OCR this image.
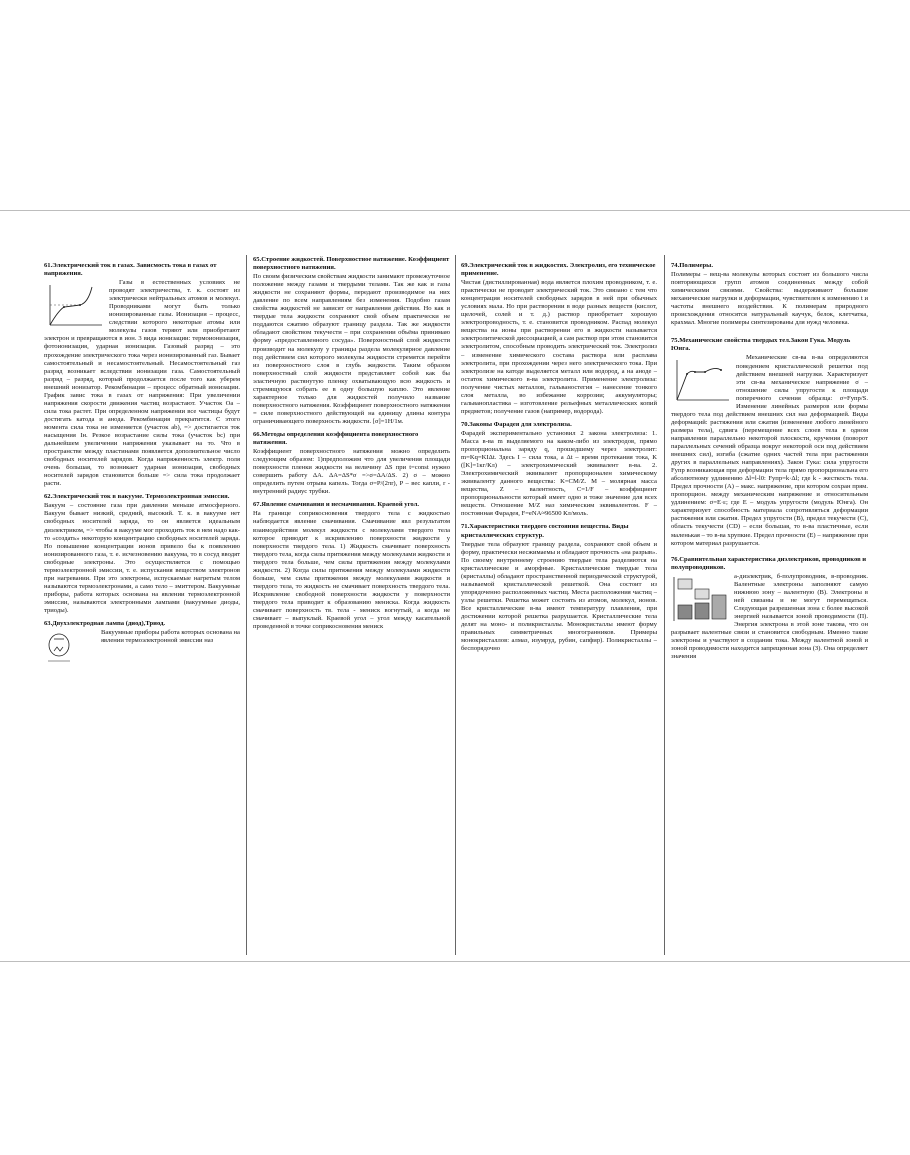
61.Электрический ток в газах. Зависмость тока в газах от напряжения.

Газы в естественных условиях не проводят электричества, т. к. состоят из электрически нейтральных атомов и молекул. Проводниками могут быть только ионизированные газы. Ионизация – процесс, следствии которого некоторые атомы или молекулы газов теряют или приобретают электрон и превращаются в ион. 3 вида ионизации: термоионизация, фотоионизация, ударная ионизация. Газовый разряд – это прохождение электрического тока через ионизированный газ. Бывает самостоятельный и несамостоятельный. Несамостоятельный газ разряд возникает вследствии ионизации газа. Самостоятельный разряд – разряд, который продолжается после того как уберем внешний ионизатор. Рекомбинация – процесс обратный ионизации. График завис тока в газах от напряжения: При увеличении напряжения скорости движения частиц возрастают. Участок Оа – сила тока растет. При определенном напряжении все частицы будут достигать катода и анода. Рекомбинация прекратится. С этого момента сила тока не изменяется (участок аb), => достигается ток насыщения Iн. Резкое возрастание силы тока (участок bс) при дальнейшем увеличении напряжения указывает на то. Что в пространстве между пластинами появляется дополнительное число свободных носителей зарядов. Когда напряженность электр. поля очень большая, то возникает ударная ионизация, свободных носителей зарядов становится больше => сила тока продолжает расти.

62.Электрический ток в вакууме. Термоэлектронная эмиссия.

Вакуум – состояние газа при давлении меньше атмосферного. Вакуум бывает низкий, средний, высокий. Т. к. в вакууме нет свободных носителей заряда, то он является идеальным диэлектриком, => чтобы в вакууме мог проходить ток в нем надо как-то «создать» некоторую концентрацию свободных носителей заряда. Но повышение концентрации ионов привело бы к появлению ионизированного газа, т. е. исчезновению вакуума, то в сосуд вводят свободные электроны. Это осуществляется с помощью термоэлектронной эмиссии, т. е. испускания веществом электронов при нагревании. При это электроны, испускаемые нагретым телом называются термоэлектронами, а само тело – эмиттером. Вакуумные приборы, работа которых основана на явлении термоэлектронной эмиссии, называются электронными лампами (вакуумные диоды, триоды).

63.Двухэлектродная лампа (диод),Триод.

Вакуумные приборы работа которых основана на явлении термоэлектронной эмиссии наз

65.Строение жидкостей. Поверхностное натяжение. Коэффициент поверхностного натяжения.

По своим физическим свойствам жидкости занимают промежуточное положение между газами и твердыми телами. Так же как и газы жидкости не сохраняют формы, передают производимое на них давление по всем направлениям без изменения. Подобно газам свойства жидкостей не зависят от направления действия. Но как и твердые тела жидкости сохраняют свой объем практически не поддаются сжатию образуют границу раздела. Так же жидкости обладают свойством текучести – при сохранении объёма принимаю форму «предоставленного сосуда». Поверхностный слой жидкости производит на молекулу у границы раздела молекулярное давление под действием сил которого молекулы жидкости стремятся перейти из поверхностного слоя в глубь жидкости. Таким образом поверхностный слой жидкости представляет собой как бы эластичную растянутую пленку охватывающую всю жидкость и стремящуюся собрать ее в одну большую каплю. Это явление характерное только для жидкостей получило название поверхностного натяжения. Коэффициент поверхностного натяжения = силе поверхностного действующей на единицу длины контура ограничивающего поверхность жидкости. [σ]=1Н/1м.

66.Методы определения коэффициента поверхностного натяжения.

Коэффициент поверхностного натяжения можно определить следующим образом: 1)предположим что для увеличения площади поверхности пленки жидкости на величину ΔS при t=const нужно совершить работу ΔA. ΔA=ΔS*σ =>σ=ΔA/ΔS. 2) σ – можно определить путем отрыва капель. Тогда σ=P/(2πr), P – вес капли, r - внутренний радиус трубки.

67.Явление смачивания и несмачивания. Краевой угол.

На границе соприкосновения твердого тела с жидкостью наблюдается явление смачивания. Смачивание явл результатом взаимодействия молекул жидкости с молекулами твердого тела которое приводит к искривлению поверхности жидкости у поверхности твердого тела. 1) Жидкость смачивает поверхность твердого тела, когда силы притяжения между молекулами жидкости и твердого тела больше, чем силы притяжения между молекулами жидкости. 2) Когда силы притяжения между молекулами жидкости больше, чем силы притяжения между молекулами жидкости и твердого тела, то жидкость не смачивает поверхность твердого тела. Искривление свободной поверхности жидкости у поверхности твердого тела приводит к образованию мениска. Когда жидкость смачивает поверхность тв. тела - мениск вогнутый, а когда не смачивает – выпуклый. Краевой угол – угол между касательной проведенной в точке соприкосновения мениск

69.Электрический ток в жидкостях. Электролиз, его техническое применение.

Чистая (дистиллированная) вода является плохим проводником, т. е. практически не проводит электрический ток. Это связано с тем что концентрация носителей свободных зарядов в ней при обычных условиях мала. Но при растворении в воде разных веществ (кислот, щелочей, солей и т. д.) раствор приобретает хорошую электропроводность, т. е. становится проводником. Распад молекул вещества на ионы при растворении его в жидкости называется электролитической диссоциацией, а сам раствор при этом становится электролитом, способным проводить электрический ток. Электролиз – изменение химического состава раствора или расплава электролита, при прохождении через него электрического тока. При электролизе на катоде выделяется металл или водород, а на аноде – остаток химического в-ва электролита. Применение электролиза: получение чистых металлов, гальваностегия – нанесение тонкого слоя металла, во избежание коррозии; аккумуляторы; гальванопластика – изготовление рельефных металлических копий предметов; получение газов (например, водорода).

70.Законы Фарадея для электролиза.

Фарадей экспериментально установил 2 закона электролиза: 1. Масса в-ва m выделяемого на каком-либо из электродов, прямо пропорциональна заряду q, прошедшему через электролит: m=Kq=KIΔt. Здесь I – сила тока, а Δt – время протекания тока, K ([K]=1кг/Кл) – электрохимический эквивалент в-ва. 2. Электрохимический эквивалент пропорционален химическому эквиваленту данного вещества: K=CM/Z. M – молярная масса вещества, Z – валентность, C=1/F – коэффициент пропорциональности который имеет одно и тоже значение для всех веществ. Отношение M/Z наз химическим эквивалентом. F – постоянная Фарадея, F=eNA≈96500 Кл/моль.

71.Характеристики твердого состояния вещества. Виды кристаллических структур.

Твердые тела образуют границу раздела, сохраняют свой объем и форму, практически несжимаемы и обладают прочность «на разрыв». По своему внутреннему строению твердые тела разделяются на кристаллические и аморфные. Кристаллические твердые тела (кристаллы) обладают пространственной периодической структурой, называемой кристаллической решеткой. Она состоит из упорядоченно расположенных частиц. Места расположения частиц – узлы решетки. Решетка может состоять из атомов, молекул, ионов. Все кристаллические в-ва имеют температуру плавления, при достижении которой решетка разрушается. Кристаллические тела делят на моно- и поликристаллы. Монокристаллы имеют форму правильных симметричных многогранников. Примеры монокристаллов: алмаз, изумруд, рубин, сапфир). Поликристаллы – беспорядочно

74.Полимеры.

Полимеры – вещ-ва молекулы которых состоят из большого числа повторяющихся групп атомов соединенных между собой химическими связями. Свойства: выдерживают большие механические нагрузки и деформации, чувствителен к изменению t и частоты внешнего воздействия. К полимерам природного происхождения относятся натуральный каучук, белок, клетчатка, крахмал. Многие полимеры синтезированы для нужд человека.

75.Механические свойства твердых тел.Закон Гука. Модуль Юнга.

Механические св-ва в-ва определяются поведением кристаллической решетки под действием внешней нагрузки. Характеризует эти св-ва механическое напряжение σ – отношение силы упругости к площади поперечного сечения образца: σ=Fупр/S. Изменение линейных размеров или формы твердого тела под действием внешних сил наз деформацией. Виды деформаций: растяжения или сжатия (изменение любого линейного размера тела), сдвига (перемещение всех слоев тела в одном направлении параллельно некоторой плоскости, кручения (поворот параллельных сечений образца вокруг некоторой оси под действием внешних сил), изгиба (сжатие одних частей тела при растяжении других в параллельных направлениях). Закон Гука: сила упругости Fупр возникающая при деформации тела прямо пропорциональна его абсолютному удлинению Δl=l-l0: Fупр=k·Δl; где k - жесткость тела. Предел прочности (A) – макс. напряжение, при котором сохран прям. пропорцион. между механическим напряжение и относительным удлинением: σ=E·ε; где E – модуль упругости (модуль Юнга). Он характеризует способность материала сопротивляться деформации растяжения или сжатия. Предел упругости (B), предел текучести (C), область текучести (CD) – если большая, то в-ва пластичные, если маленькая – то в-ва хрупкие. Предел прочности (E) – напряжение при котором материал разрушается.

76.Сравнительная характеристика диэлектриков, проводников и полупроводников.

а-диэлектрик, б-полупроводник, в-проводник. Валентные электроны заполняют самую нижнюю зону – валентную (В). Электроны в ней связаны и не могут перемещаться. Следующая разрешенная зона с более высокой энергией называется зоной проводимости (П). Энергия электрона в этой зоне такова, что он разрывает валентные связи и становится свободным. Именно такие электроны и участвуют в создании тока. Между валентной зоной и зоной проводимости находится запрещенная зона (З). Она определяет значения
